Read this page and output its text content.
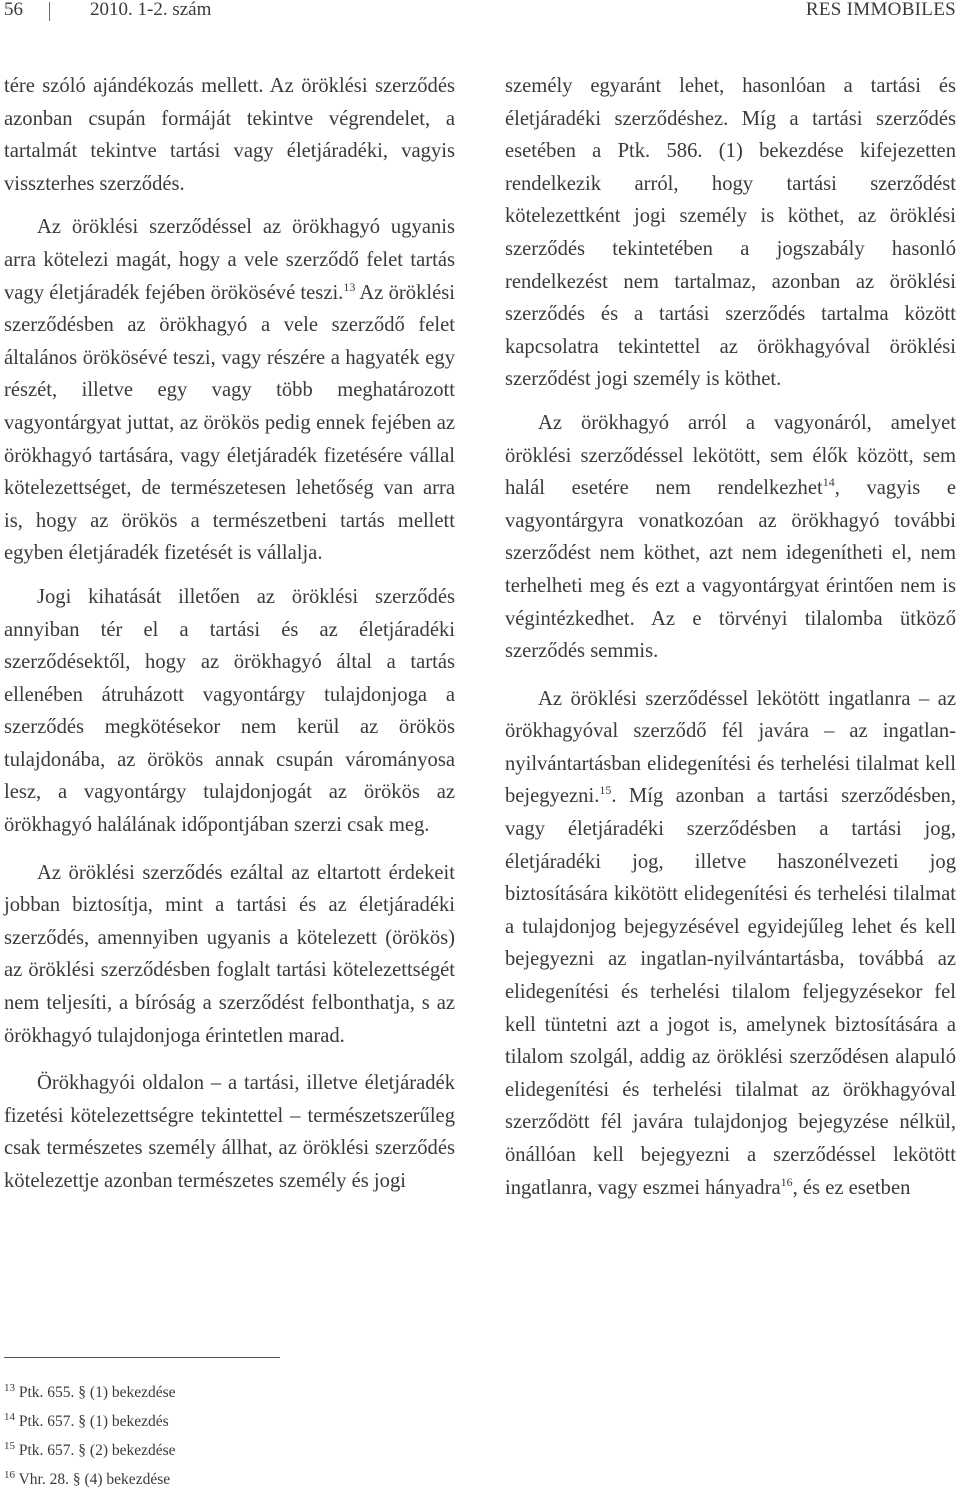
56	2010. 1-2. szám	RES IMMOBILES

tére szóló ajándékozás mellett. Az öröklési szerződés azonban csupán formáját tekintve végrendelet, a tartalmát tekintve tartási vagy életjáradéki, vagyis visszterhes szerződés.

Az öröklési szerződéssel az örökhagyó ugyanis arra kötelezi magát, hogy a vele szerződő felet tartás vagy életjáradék fejében örökösévé teszi.$^{13}$ Az öröklési szerződésben az örökhagyó a vele szerződő felet általános örökösévé teszi, vagy részére a hagyaték egy részét, illetve egy vagy több meghatározott vagyontárgyat juttat, az örökös pedig ennek fejében az örökhagyó tartására, vagy életjáradék fizetésére vállal kötelezettséget, de természetesen lehetőség van arra is, hogy az örökös a természetbeni tartás mellett egyben életjáradék fizetését is vállalja.

Jogi kihatását illetően az öröklési szerződés annyiban tér el a tartási és az életjáradéki szerződésektől, hogy az örökhagyó által a tartás ellenében átruházott vagyontárgy tulajdonjoga a szerződés megkötésekor nem kerül az örökös tulajdonába, az örökös annak csupán várományosa lesz, a vagyontárgy tulajdonjogát az örökös az örökhagyó halálának időpontjában szerzi csak meg.

Az öröklési szerződés ezáltal az eltartott érdekeit jobban biztosítja, mint a tartási és az életjáradéki szerződés, amennyiben ugyanis a kötelezett (örökös) az öröklési szerződésben foglalt tartási kötelezettségét nem teljesíti, a bíróság a szerződést felbonthatja, s az örökhagyó tulajdonjoga érintetlen marad.

Örökhagyói oldalon – a tartási, illetve életjáradék fizetési kötelezettségre tekintettel – természetszerűleg csak természetes személy állhat, az öröklési szerződés kötelezettje azonban természetes személy és jogi

személy egyaránt lehet, hasonlóan a tartási és életjáradéki szerződéshez. Míg a tartási szerződés esetében a Ptk. 586. (1) bekezdése kifejezetten rendelkezik arról, hogy tartási szerződést kötelezettként jogi személy is köthet, az öröklési szerződés tekintetében a jogszabály hasonló rendelkezést nem tartalmaz, azonban az öröklési szerződés és a tartási szerződés tartalma között kapcsolatra tekintettel az örökhagyóval öröklési szerződést jogi személy is köthet.

Az örökhagyó arról a vagyonáról, amelyet öröklési szerződéssel lekötött, sem élők között, sem halál esetére nem rendelkezhet$^{14}$, vagyis e vagyontárgyra vonatkozóan az örökhagyó további szerződést nem köthet, azt nem idegenítheti el, nem terhelheti meg és ezt a vagyontárgyat érintően nem is végintézkedhet. Az e törvényi tilalomba ütköző szerződés semmis.

Az öröklési szerződéssel lekötött ingatlanra – az örökhagyóval szerződő fél javára – az ingatlan-nyilvántartásban elidegenítési és terhelési tilalmat kell bejegyezni.$^{15}$. Míg azonban a tartási szerződésben, vagy életjáradéki szerződésben a tartási jog, életjáradéki jog, illetve haszonélvezeti jog biztosítására kikötött elidegenítési és terhelési tilalmat a tulajdonjog bejegyzésével egyidejűleg lehet és kell bejegyezni az ingatlan-nyilvántartásba, továbbá az elidegenítési és terhelési tilalom feljegyzésekor fel kell tüntetni azt a jogot is, amelynek biztosítására a tilalom szolgál, addig az öröklési szerződésen alapuló elidegenítési és terhelési tilalmat az örökhagyóval szerződött fél javára tulajdonjog bejegyzése nélkül, önállóan kell bejegyezni a szerződéssel lekötött ingatlanra, vagy eszmei hányadra$^{16}$, és ez esetben

$^{13}$ Ptk. 655. § (1) bekezdése
$^{14}$ Ptk. 657. § (1) bekezdés
$^{15}$ Ptk. 657. § (2) bekezdése
$^{16}$ Vhr. 28. § (4) bekezdése
